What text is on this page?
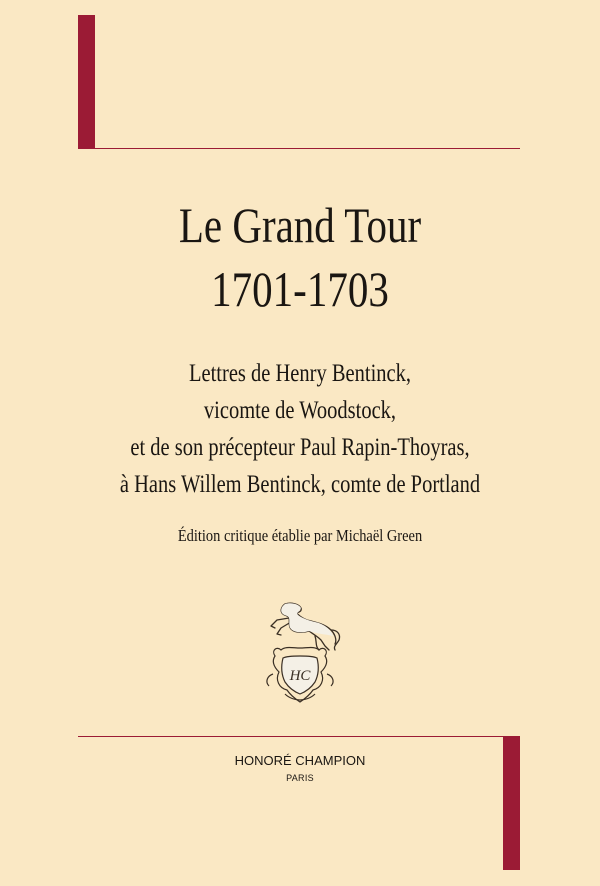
Le Grand Tour
1701-1703
Lettres de Henry Bentinck,
vicomte de Woodstock,
et de son précepteur Paul Rapin-Thoyras,
à Hans Willem Bentinck, comte de Portland
Édition critique établie par Michaël Green
HC
HONORÉ CHAMPION
PARIS
